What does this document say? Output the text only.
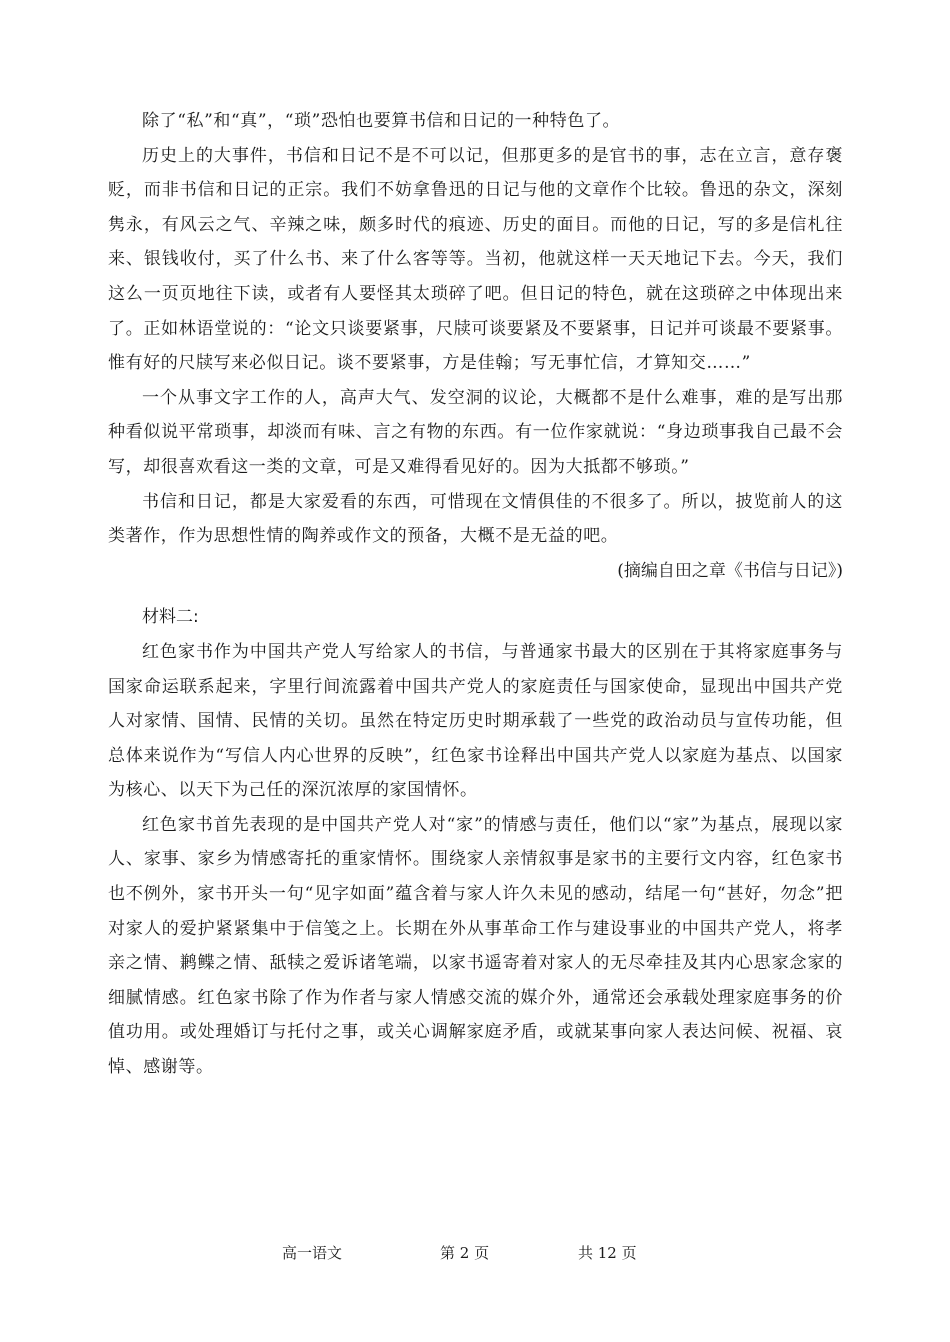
除了“私”和“真”，“琐”恐怕也要算书信和日记的一种特色了。

历史上的大事件，书信和日记不是不可以记，但那更多的是官书的事，志在立言，意存褒贬，而非书信和日记的正宗。我们不妨拿鲁迅的日记与他的文章作个比较。鲁迅的杂文，深刻隽永，有风云之气、辛辣之味，颇多时代的痕迹、历史的面目。而他的日记，写的多是信札往来、银钱收付，买了什么书、来了什么客等等。当初，他就这样一天天地记下去。今天，我们这么一页页地往下读，或者有人要怪其太琐碎了吧。但日记的特色，就在这琐碎之中体现出来了。正如林语堂说的：“论文只谈要紧事，尺牍可谈要紧及不要紧事，日记并可谈最不要紧事。惟有好的尺牍写来必似日记。谈不要紧事，方是佳翰；写无事忙信，才算知交……”

一个从事文字工作的人，高声大气、发空洞的议论，大概都不是什么难事，难的是写出那种看似说平常琐事，却淡而有味、言之有物的东西。有一位作家就说：“身边琐事我自己最不会写，却很喜欢看这一类的文章，可是又难得看见好的。因为大抵都不够琐。”

书信和日记，都是大家爱看的东西，可惜现在文情俱佳的不很多了。所以，披览前人的这类著作，作为思想性情的陶养或作文的预备，大概不是无益的吧。

(摘编自田之章《书信与日记》)

材料二:

红色家书作为中国共产党人写给家人的书信，与普通家书最大的区别在于其将家庭事务与国家命运联系起来，字里行间流露着中国共产党人的家庭责任与国家使命，显现出中国共产党人对家情、国情、民情的关切。虽然在特定历史时期承载了一些党的政治动员与宣传功能，但总体来说作为“写信人内心世界的反映”，红色家书诠释出中国共产党人以家庭为基点、以国家为核心、以天下为己任的深沉浓厚的家国情怀。

红色家书首先表现的是中国共产党人对“家”的情感与责任，他们以“家”为基点，展现以家人、家事、家乡为情感寄托的重家情怀。围绕家人亲情叙事是家书的主要行文内容，红色家书也不例外，家书开头一句“见字如面”蕴含着与家人许久未见的感动，结尾一句“甚好，勿念”把对家人的爱护紧紧集中于信笺之上。长期在外从事革命工作与建设事业的中国共产党人，将孝亲之情、鹣鲽之情、舐犊之爱诉诸笔端，以家书遥寄着对家人的无尽牵挂及其内心思家念家的细腻情感。红色家书除了作为作者与家人情感交流的媒介外，通常还会承载处理家庭事务的价值功用。或处理婚订与托付之事，或关心调解家庭矛盾，或就某事向家人表达问候、祝福、哀悼、感谢等。

高一语文	第 2 页	共 12 页
